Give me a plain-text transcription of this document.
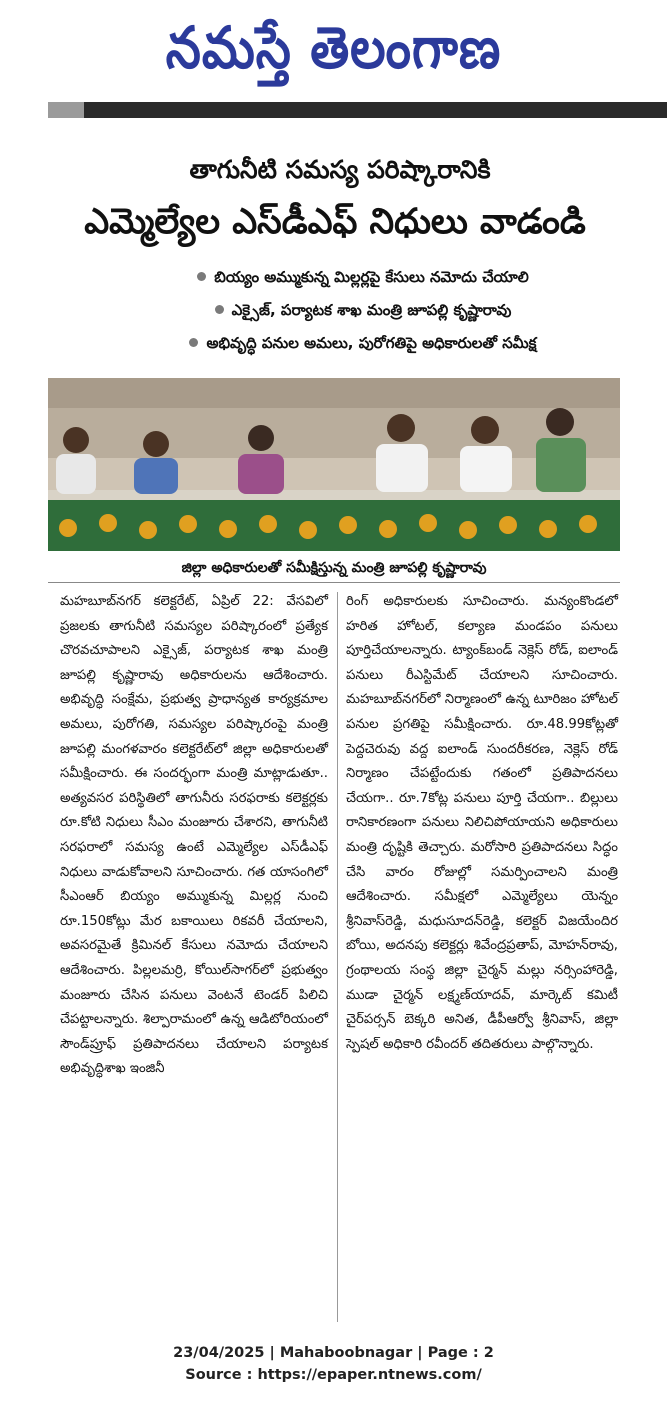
నమస్తే తెలంగాణ
తాగునీటి సమస్య పరిష్కారానికి
ఎమ్మెల్యేల ఎస్‌డీఎఫ్ నిధులు వాడండి
బియ్యం అమ్ముకున్న మిల్లర్లపై కేసులు నమోదు చేయాలి
ఎక్సైజ్, పర్యాటక శాఖ మంత్రి జూపల్లి కృష్ణారావు
అభివృద్ధి పనుల అమలు, పురోగతిపై అధికారులతో సమీక్ష
జిల్లా అధికారులతో సమీక్షిస్తున్న మంత్రి జూపల్లి కృష్ణారావు
మహబూబ్‌నగర్ కలెక్టరేట్, ఏప్రిల్ 22: వేసవిలో ప్రజలకు తాగునీటి సమస్యల పరిష్కారంలో ప్రత్యేక చొరవచూపాలని ఎక్సైజ్, పర్యాటక శాఖ మంత్రి జూపల్లి కృష్ణారావు అధికారులను ఆదేశించారు. అభివృద్ధి సంక్షేమ, ప్రభుత్వ ప్రాధాన్యత కార్యక్రమాల అమలు, పురోగతి, సమస్యల పరిష్కారంపై మంత్రి జూపల్లి మంగళవారం కలెక్టరేట్‌లో జిల్లా అధికారులతో సమీక్షించారు. ఈ సందర్భంగా మంత్రి మాట్లాడుతూ.. అత్యవసర పరిస్థితిలో తాగునీరు సరఫరాకు కలెక్టర్లకు రూ.కోటి నిధులు సీఎం మంజూరు చేశారని, తాగునీటి సరఫరాలో సమస్య ఉంటే ఎమ్మెల్యేల ఎస్‌డీఎఫ్ నిధులు వాడుకోవాలని సూచించారు. గత యాసంగిలో సీఎంఆర్ బియ్యం అమ్ముకున్న మిల్లర్ల నుంచి రూ.150కోట్లు మేర బకాయిలు రికవరీ చేయాలని, అవసరమైతే క్రిమినల్ కేసులు నమోదు చేయాలని ఆదేశించారు. పిల్లలమర్రి, కోయిల్‌సాగర్‌లో ప్రభుత్వం మంజూరు చేసిన పనులు వెంటనే టెండర్ పిలిచి చేపట్టాలన్నారు. శిల్పారామంలో ఉన్న ఆడిటోరియంలో సౌండ్‌ప్రూఫ్ ప్రతిపాదనలు చేయాలని పర్యాటక అభివృద్ధిశాఖ ఇంజినీ
రింగ్ అధికారులకు సూచించారు. మన్యంకొండలో హరిత హోటల్, కల్యాణ మండపం పనులు పూర్తిచేయాలన్నారు. ట్యాంక్‌బండ్ నెక్లెస్ రోడ్, ఐలాండ్ పనులు రీఎస్టిమేట్ చేయాలని సూచించారు. మహబూబ్‌నగర్‌లో నిర్మాణంలో ఉన్న టూరిజం హోటల్ పనుల ప్రగతిపై సమీక్షించారు. రూ.48.99కోట్లతో పెద్దచెరువు వద్ద ఐలాండ్ సుందరీకరణ, నెక్లెస్ రోడ్ నిర్మాణం చేపట్టేందుకు గతంలో ప్రతిపాదనలు చేయగా.. రూ.7కోట్ల పనులు పూర్తి చేయగా.. బిల్లులు రానికారణంగా పనులు నిలిచిపోయాయని అధికారులు మంత్రి దృష్టికి తెచ్చారు. మరోసారి ప్రతిపాదనలు సిద్ధం చేసి వారం రోజుల్లో సమర్పించాలని మంత్రి ఆదేశించారు. సమీక్షలో ఎమ్మెల్యేలు యెన్నం శ్రీనివాస్‌రెడ్డి, మధుసూదన్‌రెడ్డి, కలెక్టర్ విజయేందిర బోయి, అదనపు కలెక్టర్లు శివేంద్రప్రతాప్, మోహన్‌రావు, గ్రంథాలయ సంస్థ జిల్లా చైర్మన్ మల్లు నర్సింహారెడ్డి, ముడా చైర్మన్ లక్ష్మణ్‌యాదవ్, మార్కెట్ కమిటీ చైర్‌పర్సన్ బెక్కరి అనిత, డీపీఆర్వో శ్రీనివాస్, జిల్లా స్పెషల్ అధికారి రవీందర్ తదితరులు పాల్గొన్నారు.
23/04/2025 | Mahaboobnagar | Page : 2
Source : https://epaper.ntnews.com/
